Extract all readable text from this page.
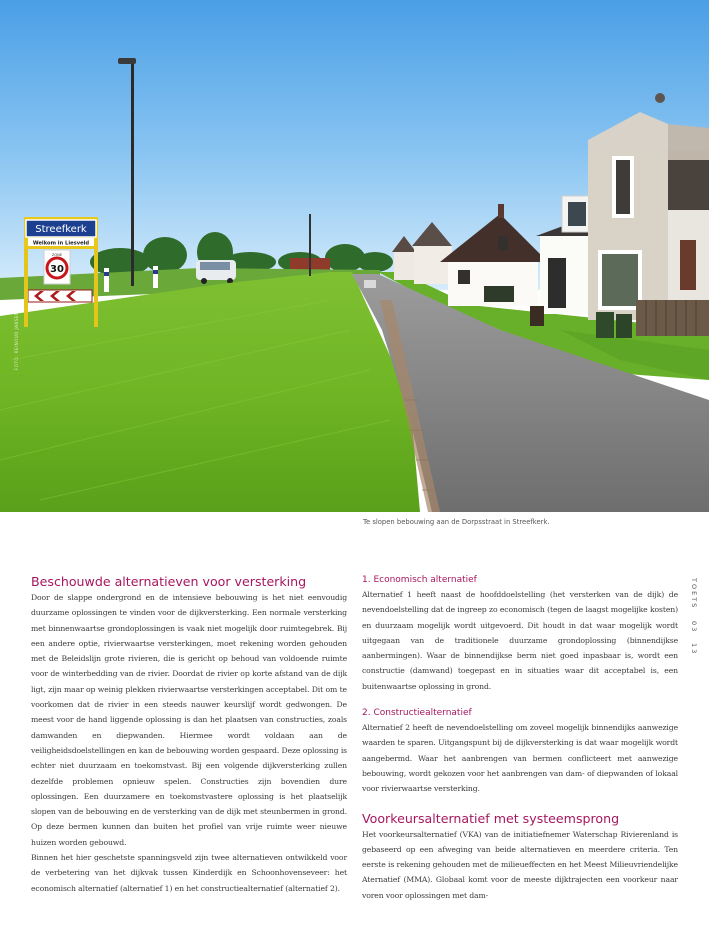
Streefkerk
Welkom in Liesveld
ZONE
30
FOTO: REINOUD JANSEN
Te slopen bebouwing aan de Dorpsstraat in Streefkerk.
TOETS 03 13
Beschouwde alternatieven voor versterking

Door de slappe ondergrond en de intensieve bebouwing is het niet eenvoudig duurzame oplossingen te vinden voor de dijkversterking. Een normale versterking met binnenwaartse grondoplossingen is vaak niet mogelijk door ruimtegebrek. Bij een andere optie, rivierwaartse versterkingen, moet rekening worden gehouden met de Beleidslijn grote rivieren, die is gericht op behoud van voldoende ruimte voor de winterbedding van de rivier. Doordat de rivier op korte afstand van de dijk ligt, zijn maar op weinig plekken rivierwaartse versterkingen acceptabel. Dit om te voorkomen dat de rivier in een steeds nauwer keurslijf wordt gedwongen. De meest voor de hand liggende oplossing is dan het plaatsen van constructies, zoals damwanden en diepwanden. Hiermee wordt voldaan aan de veiligheidsdoelstellingen en kan de bebouwing worden gespaard. Deze oplossing is echter niet duurzaam en toekomstvast. Bij een volgende dijkversterking zullen dezelfde problemen opnieuw spelen. Constructies zijn bovendien dure oplossingen. Een duurzamere en toekomstvastere oplossing is het plaatselijk slopen van de bebouwing en de versterking van de dijk met steunbermen in grond. Op deze bermen kunnen dan buiten het profiel van vrije ruimte weer nieuwe huizen worden gebouwd.

Binnen het hier geschetste spanningsveld zijn twee alternatieven ontwikkeld voor de verbetering van het dijkvak tussen Kinderdijk en Schoonhovenseveer: het economisch alternatief (alternatief 1) en het constructiealternatief (alternatief 2).

1. Economisch alternatief

Alternatief 1 heeft naast de hoofddoelstelling (het versterken van de dijk) de nevendoelstelling dat de ingreep zo economisch (tegen de laagst mogelijke kosten) en duurzaam mogelijk wordt uitgevoerd. Dit houdt in dat waar mogelijk wordt uitgegaan van de traditionele duurzame grondoplossing (binnendijkse aanbermingen). Waar de binnendijkse berm niet goed inpasbaar is, wordt een constructie (damwand) toegepast en in situaties waar dit acceptabel is, een buitenwaartse oplossing in grond.

2. Constructiealternatief

Alternatief 2 heeft de nevendoelstelling om zoveel mogelijk binnendijks aanwezige waarden te sparen. Uitgangspunt bij de dijkversterking is dat waar mogelijk wordt aangebermd. Waar het aanbrengen van bermen conflicteert met aanwezige bebouwing, wordt gekozen voor het aanbrengen van dam- of diepwanden of lokaal voor rivierwaartse versterking.

Voorkeursalternatief met systeemsprong

Het voorkeursalternatief (VKA) van de initiatiefnemer Waterschap Rivierenland is gebaseerd op een afweging van beide alternatieven en meerdere criteria. Ten eerste is rekening gehouden met de milieueffecten en het Meest Milieuvriendelijke Aternatief (MMA). Globaal komt voor de meeste dijktrajecten een voorkeur naar voren voor oplossingen met dam-
